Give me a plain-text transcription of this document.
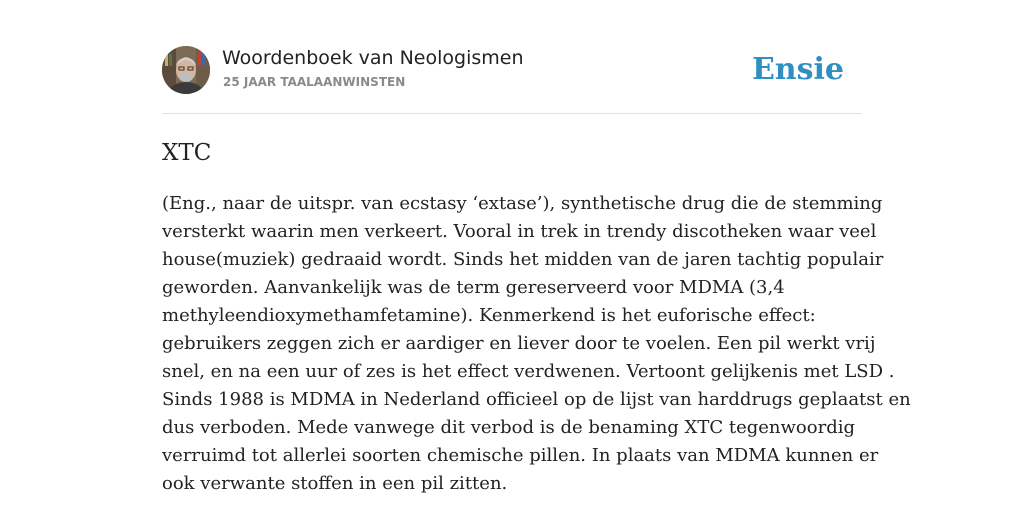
Woordenboek van Neologismen
25 JAAR TAALAANWINSTEN	Ensie
XTC
(Eng., naar de uitspr. van ecstasy ‘extase’), synthetische drug die de stemming
versterkt waarin men verkeert. Vooral in trek in trendy discotheken waar veel
house(muziek) gedraaid wordt. Sinds het midden van de jaren tachtig populair
geworden. Aanvankelijk was de term gereserveerd voor MDMA (3,4
methyleendioxymethamfetamine). Kenmerkend is het euforische effect:
gebruikers zeggen zich er aardiger en liever door te voelen. Een pil werkt vrij
snel, en na een uur of zes is het effect verdwenen. Vertoont gelijkenis met LSD .
Sinds 1988 is MDMA in Nederland officieel op de lijst van harddrugs geplaatst en
dus verboden. Mede vanwege dit verbod is de benaming XTC tegenwoordig
verruimd tot allerlei soorten chemische pillen. In plaats van MDMA kunnen er
ook verwante stoffen in een pil zitten.
